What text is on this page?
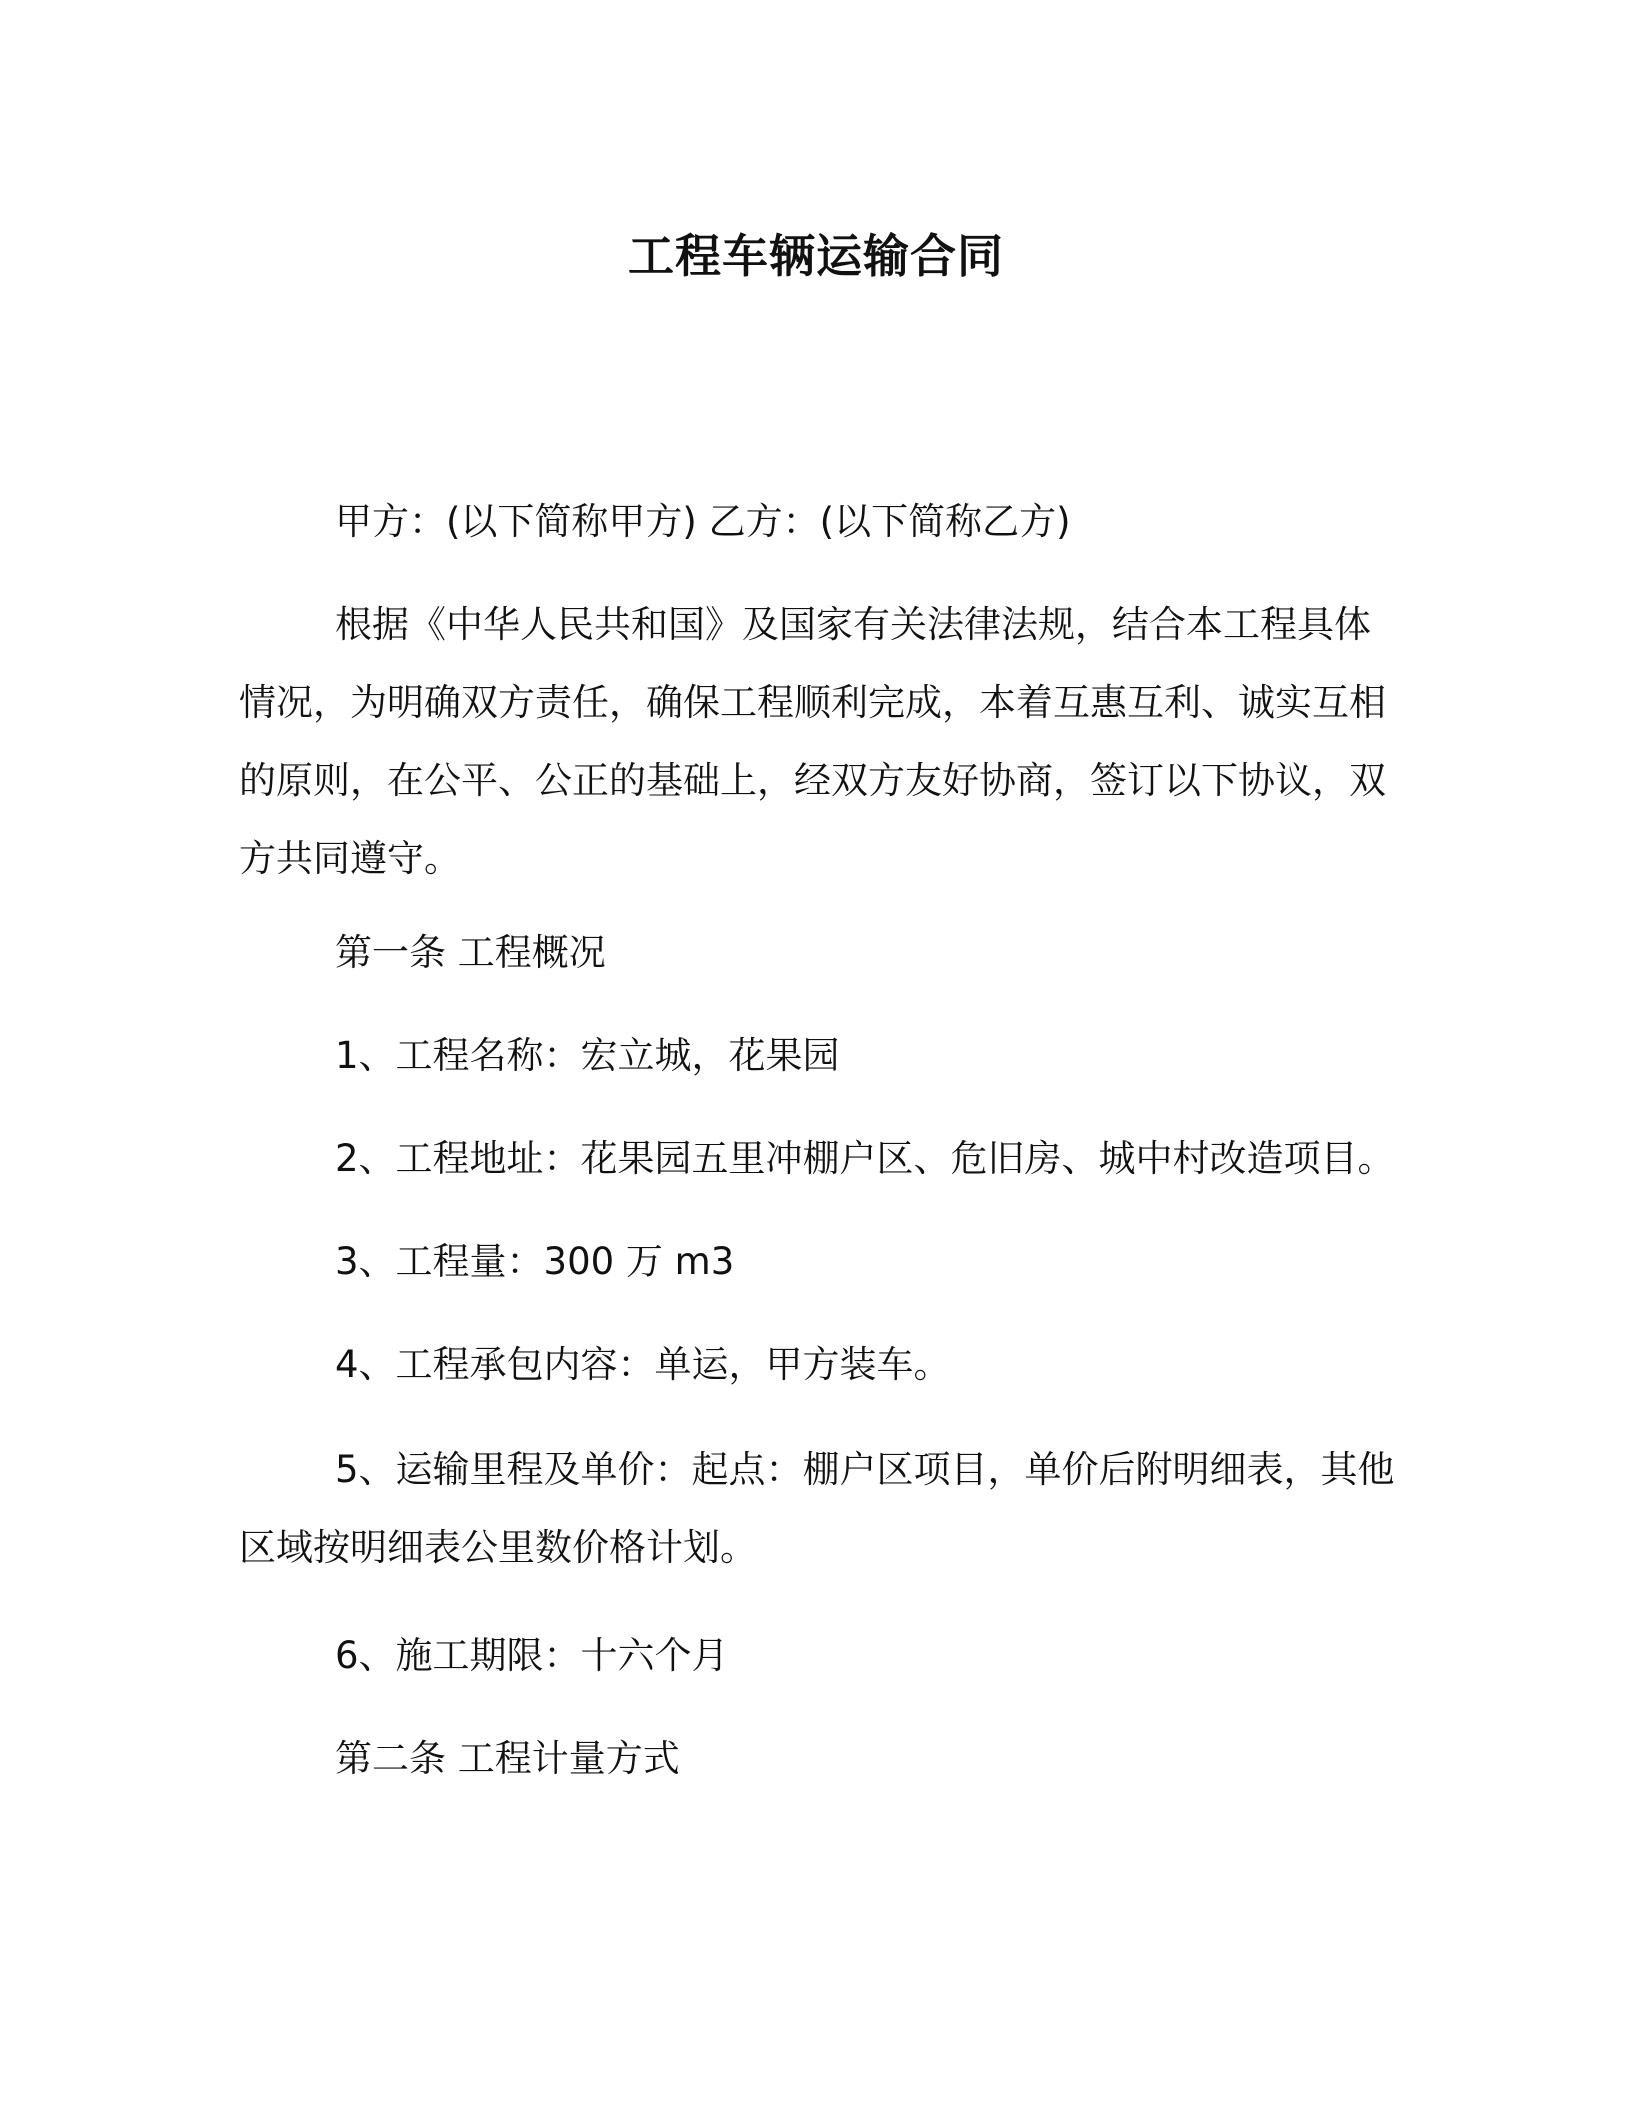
工程车辆运输合同

甲方：(以下简称甲方) 乙方：(以下简称乙方)

根据《中华人民共和国》及国家有关法律法规，结合本工程具体情况，为明确双方责任，确保工程顺利完成，本着互惠互利、诚实互相的原则，在公平、公正的基础上，经双方友好协商，签订以下协议，双方共同遵守。

第一条 工程概况

1、工程名称：宏立城，花果园

2、工程地址：花果园五里冲棚户区、危旧房、城中村改造项目。

3、工程量：300 万 m3

4、工程承包内容：单运，甲方装车。

5、运输里程及单价：起点：棚户区项目，单价后附明细表，其他区域按明细表公里数价格计划。

6、施工期限：十六个月

第二条 工程计量方式
